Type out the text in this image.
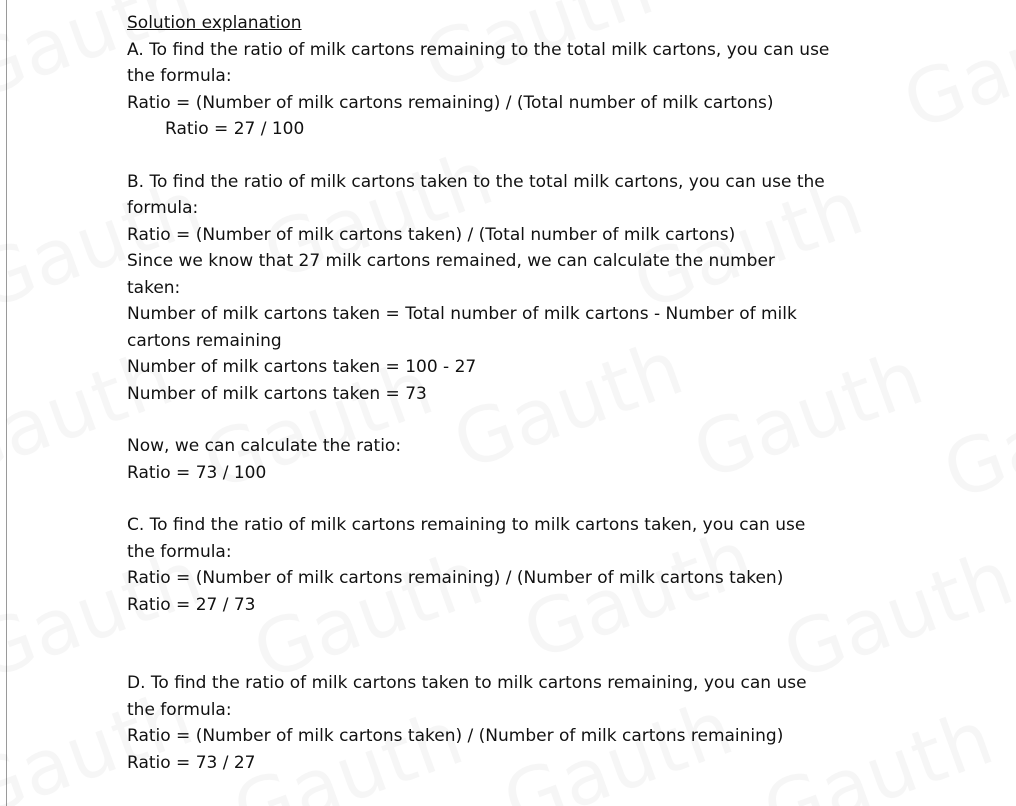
Solution explanation
A. To find the ratio of milk cartons remaining to the total milk cartons, you can use
the formula:
Ratio = (Number of milk cartons remaining) / (Total number of milk cartons)
Ratio = 27 / 100
B. To find the ratio of milk cartons taken to the total milk cartons, you can use the
formula:
Ratio = (Number of milk cartons taken) / (Total number of milk cartons)
Since we know that 27 milk cartons remained, we can calculate the number
taken:
Number of milk cartons taken = Total number of milk cartons - Number of milk
cartons remaining
Number of milk cartons taken = 100 - 27
Number of milk cartons taken = 73
Now, we can calculate the ratio:
Ratio = 73 / 100
C. To find the ratio of milk cartons remaining to milk cartons taken, you can use
the formula:
Ratio = (Number of milk cartons remaining) / (Number of milk cartons taken)
Ratio = 27 / 73
D. To find the ratio of milk cartons taken to milk cartons remaining, you can use
the formula:
Ratio = (Number of milk cartons taken) / (Number of milk cartons remaining)
Ratio = 73 / 27
